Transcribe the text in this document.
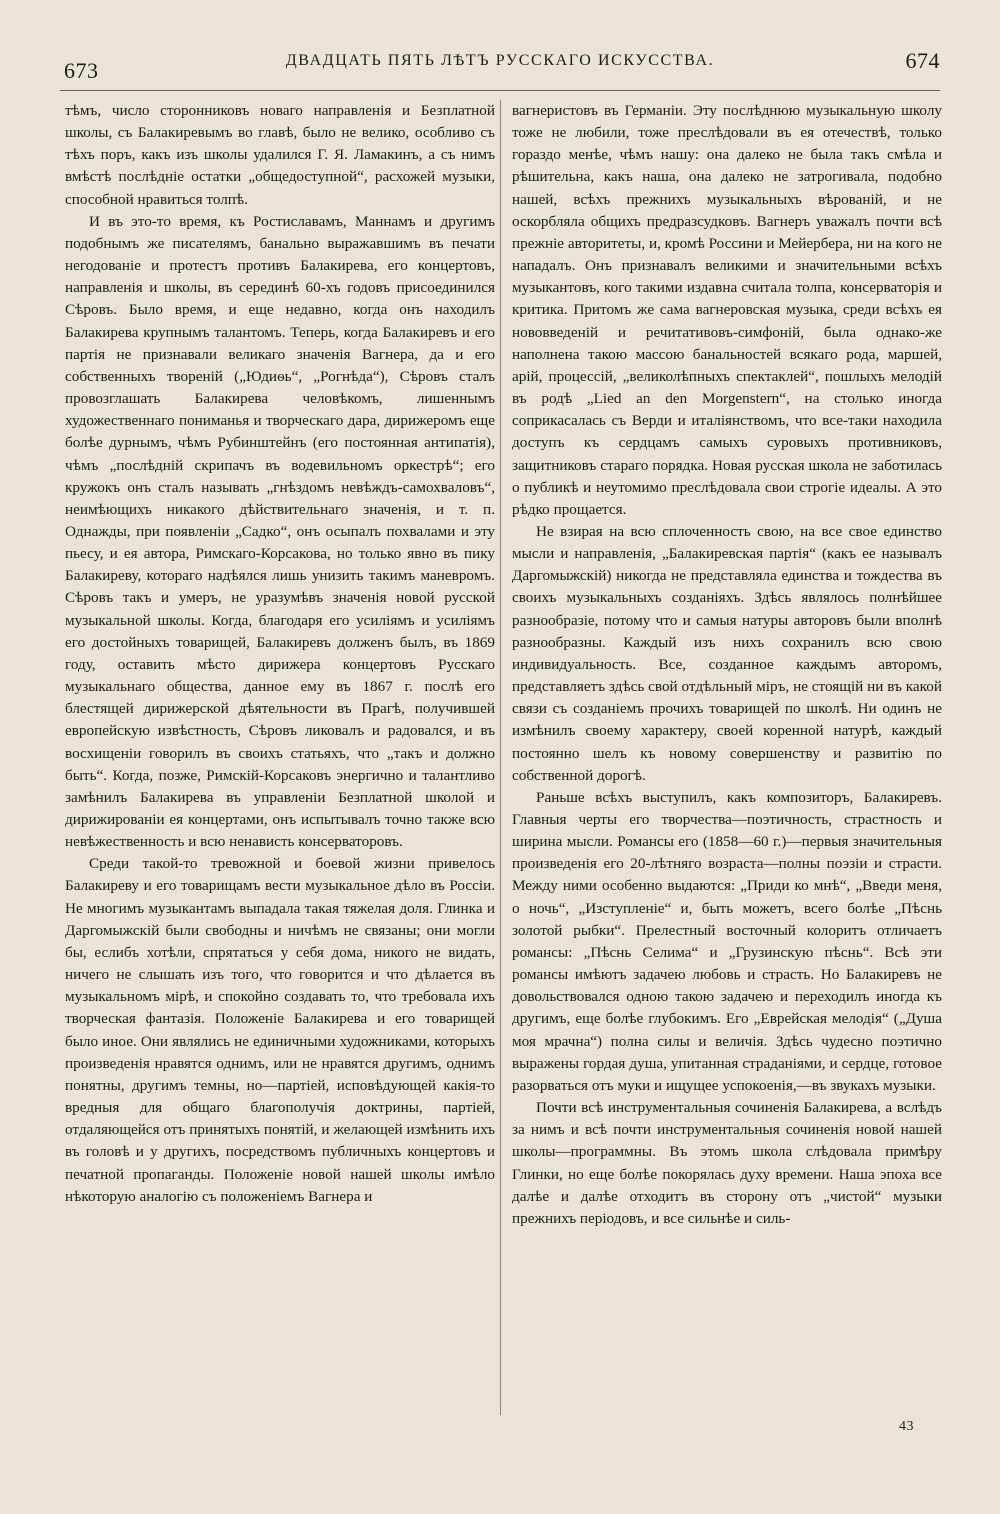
673	ДВАДЦАТЬ ПЯТЬ ЛѢТЪ РУССКАГО ИСКУССТВА.	674

тѣмъ, число сторонниковъ новаго направленія и Безплатной школы, съ Балакиревымъ во главѣ, было не велико, особливо съ тѣхъ поръ, какъ изъ школы удалился Г. Я. Ламакинъ, а съ нимъ вмѣстѣ послѣдніе остатки „общедоступной“, расхожей музыки, способной нравиться толпѣ.

И въ это-то время, къ Ростиславамъ, Маннамъ и другимъ подобнымъ же писателямъ, банально выражавшимъ въ печати негодованіе и протестъ противъ Балакирева, его концертовъ, направленія и школы, въ серединѣ 60-хъ годовъ присоединился Сѣровъ. Было время, и еще недавно, когда онъ находилъ Балакирева крупнымъ талантомъ. Теперь, когда Балакиревъ и его партія не признавали великаго значенія Вагнера, да и его собственныхъ твореній („Юдиѳь“, „Рогнѣда“), Сѣровъ сталъ провозглашать Балакирева человѣкомъ, лишеннымъ художественнаго пониманья и творческаго дара, дирижеромъ еще болѣе дурнымъ, чѣмъ Рубинштейнъ (его постоянная антипатія), чѣмъ „послѣдній скрипачъ въ водевильномъ оркестрѣ“; его кружокъ онъ сталъ называть „гнѣздомъ невѣждъ-самохваловъ“, неимѣющихъ никакого дѣйствительнаго значенія, и т. п. Однажды, при появленіи „Садко“, онъ осыпалъ похвалами и эту пьесу, и ея автора, Римскаго-Корсакова, но только явно въ пику Балакиреву, котораго надѣялся лишь унизить такимъ маневромъ. Сѣровъ такъ и умеръ, не уразумѣвъ значенія новой русской музыкальной школы. Когда, благодаря его усиліямъ и усиліямъ его достойныхъ товарищей, Балакиревъ долженъ былъ, въ 1869 году, оставить мѣсто дирижера концертовъ Русскаго музыкальнаго общества, данное ему въ 1867 г. послѣ его блестящей дирижерской дѣятельности въ Прагѣ, получившей европейскую извѣстность, Сѣровъ ликовалъ и радовался, и въ восхищеніи говорилъ въ своихъ статьяхъ, что „такъ и должно быть“. Когда, позже, Римскій-Корсаковъ энергично и талантливо замѣнилъ Балакирева въ управленіи Безплатной школой и дирижированіи ея концертами, онъ испытывалъ точно также всю невѣжественность и всю ненависть консерваторовъ.

Среди такой-то тревожной и боевой жизни привелось Балакиреву и его товарищамъ вести музыкальное дѣло въ Россіи. Не многимъ музыкантамъ выпадала такая тяжелая доля. Глинка и Даргомыжскій были свободны и ничѣмъ не связаны; они могли бы, еслибъ хотѣли, спрятаться у себя дома, никого не видать, ничего не слышать изъ того, что говорится и что дѣлается въ музыкальномъ мірѣ, и спокойно создавать то, что требовала ихъ творческая фантазія. Положеніе Балакирева и его товарищей было иное. Они являлись не единичными художниками, которыхъ произведенія нравятся однимъ, или не нравятся другимъ, однимъ понятны, другимъ темны, но—партіей, исповѣдующей какія-то вредныя для общаго благополучія доктрины, партіей, отдаляющейся отъ принятыхъ понятій, и желающей измѣнить ихъ въ головѣ и у другихъ, посредствомъ публичныхъ концертовъ и печатной пропаганды. Положеніе новой нашей школы имѣло нѣкоторую аналогію съ положеніемъ Вагнера и

вагнеристовъ въ Германіи. Эту послѣднюю музыкальную школу тоже не любили, тоже преслѣдовали въ ея отечествѣ, только гораздо менѣе, чѣмъ нашу: она далеко не была такъ смѣла и рѣшительна, какъ наша, она далеко не затрогивала, подобно нашей, всѣхъ прежнихъ музыкальныхъ вѣрованій, и не оскорбляла общихъ предразсудковъ. Вагнеръ уважалъ почти всѣ прежніе авторитеты, и, кромѣ Россини и Мейербера, ни на кого не нападалъ. Онъ признавалъ великими и значительными всѣхъ музыкантовъ, кого такими издавна считала толпа, консерваторія и критика. Притомъ же сама вагнеровская музыка, среди всѣхъ ея нововведеній и речитативовъ-симфоній, была однако-же наполнена такою массою банальностей всякаго рода, маршей, арій, процессій, „великолѣпныхъ спектаклей“, пошлыхъ мелодій въ родѣ „Lied an den Morgenstern“, на столько иногда соприкасалась съ Верди и италіянствомъ, что все-таки находила доступъ къ сердцамъ самыхъ суровыхъ противниковъ, защитниковъ стараго порядка. Новая русская школа не заботилась о публикѣ и неутомимо преслѣдовала свои строгіе идеалы. А это рѣдко прощается.

Не взирая на всю сплоченность свою, на все свое единство мысли и направленія, „Балакиревская партія“ (какъ ее называлъ Даргомыжскій) никогда не представляла единства и тождества въ своихъ музыкальныхъ созданіяхъ. Здѣсь являлось полнѣйшее разнообразіе, потому что и самыя натуры авторовъ были вполнѣ разнообразны. Каждый изъ нихъ сохранилъ всю свою индивидуальность. Все, созданное каждымъ авторомъ, представляетъ здѣсь свой отдѣльный міръ, не стоящій ни въ какой связи съ созданіемъ прочихъ товарищей по школѣ. Ни одинъ не измѣнилъ своему характеру, своей коренной натурѣ, каждый постоянно шелъ къ новому совершенству и развитію по собственной дорогѣ.

Раньше всѣхъ выступилъ, какъ композиторъ, Балакиревъ. Главныя черты его творчества—поэтичность, страстность и ширина мысли. Романсы его (1858—60 г.)—первыя значительныя произведенія его 20-лѣтняго возраста—полны поэзіи и страсти. Между ними особенно выдаются: „Приди ко мнѣ“, „Введи меня, о ночь“, „Изступленіе“ и, быть можетъ, всего болѣе „Пѣснь золотой рыбки“. Прелестный восточный колоритъ отличаетъ романсы: „Пѣснь Селима“ и „Грузинскую пѣснь“. Всѣ эти романсы имѣютъ задачею любовь и страсть. Но Балакиревъ не довольствовался одною такою задачею и переходилъ иногда къ другимъ, еще болѣе глубокимъ. Его „Еврейская мелодія“ („Душа моя мрачна“) полна силы и величія. Здѣсь чудесно поэтично выражены гордая душа, упитанная страданіями, и сердце, готовое разорваться отъ муки и ищущее успокоенія,—въ звукахъ музыки.

Почти всѣ инструментальныя сочиненія Балакирева, а вслѣдъ за нимъ и всѣ почти инструментальныя сочиненія новой нашей школы—программны. Въ этомъ школа слѣдовала примѣру Глинки, но еще болѣе покорялась духу времени. Наша эпоха все далѣе и далѣе отходитъ въ сторону отъ „чистой“ музыки прежнихъ періодовъ, и все сильнѣе и силь-

43
